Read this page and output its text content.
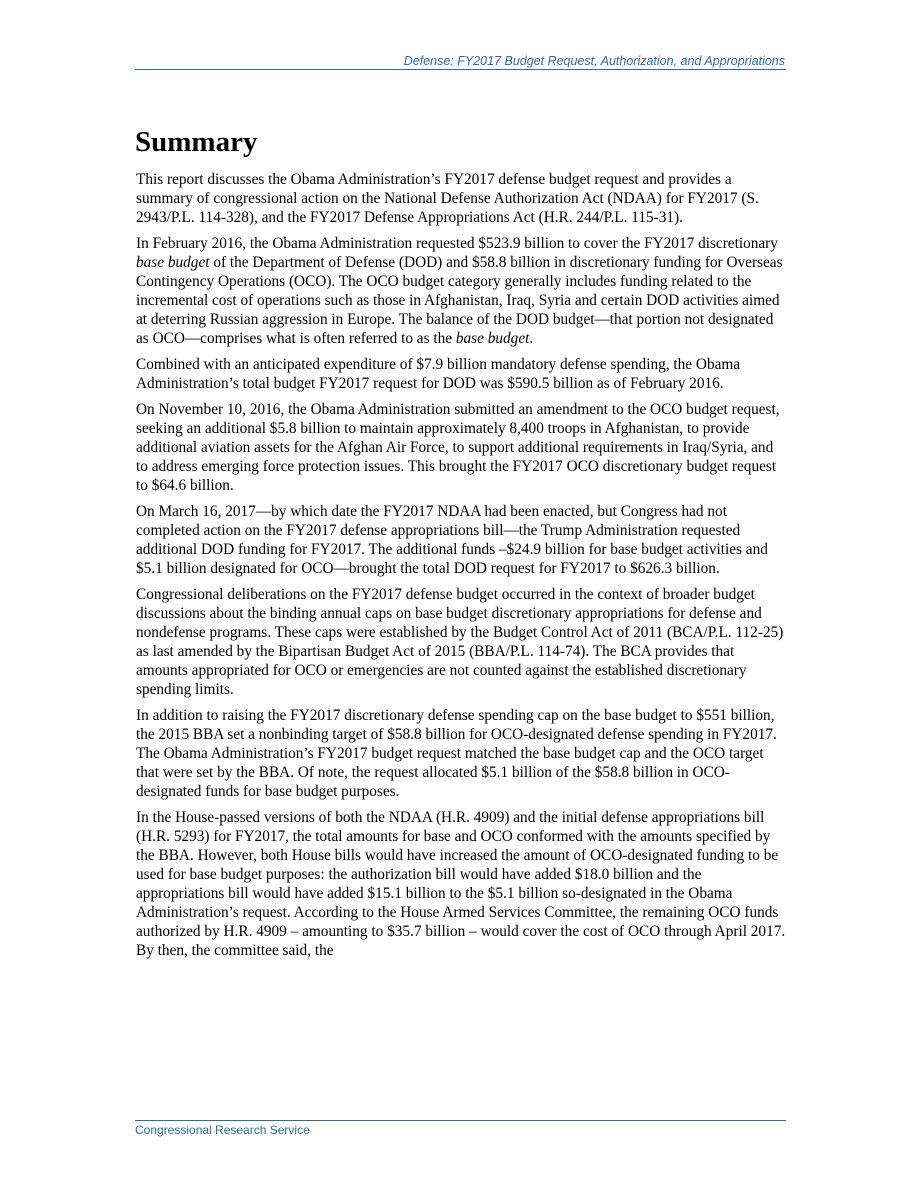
Defense: FY2017 Budget Request, Authorization, and Appropriations
Summary

This report discusses the Obama Administration’s FY2017 defense budget request and provides a summary of congressional action on the National Defense Authorization Act (NDAA) for FY2017 (S. 2943/P.L. 114-328), and the FY2017 Defense Appropriations Act (H.R. 244/P.L. 115-31).

In February 2016, the Obama Administration requested $523.9 billion to cover the FY2017 discretionary base budget of the Department of Defense (DOD) and $58.8 billion in discretionary funding for Overseas Contingency Operations (OCO). The OCO budget category generally includes funding related to the incremental cost of operations such as those in Afghanistan, Iraq, Syria and certain DOD activities aimed at deterring Russian aggression in Europe. The balance of the DOD budget—that portion not designated as OCO—comprises what is often referred to as the base budget.

Combined with an anticipated expenditure of $7.9 billion mandatory defense spending, the Obama Administration’s total budget FY2017 request for DOD was $590.5 billion as of February 2016.

On November 10, 2016, the Obama Administration submitted an amendment to the OCO budget request, seeking an additional $5.8 billion to maintain approximately 8,400 troops in Afghanistan, to provide additional aviation assets for the Afghan Air Force, to support additional requirements in Iraq/Syria, and to address emerging force protection issues. This brought the FY2017 OCO discretionary budget request to $64.6 billion.

On March 16, 2017—by which date the FY2017 NDAA had been enacted, but Congress had not completed action on the FY2017 defense appropriations bill—the Trump Administration requested additional DOD funding for FY2017. The additional funds –$24.9 billion for base budget activities and $5.1 billion designated for OCO—brought the total DOD request for FY2017 to $626.3 billion.

Congressional deliberations on the FY2017 defense budget occurred in the context of broader budget discussions about the binding annual caps on base budget discretionary appropriations for defense and nondefense programs. These caps were established by the Budget Control Act of 2011 (BCA/P.L. 112-25) as last amended by the Bipartisan Budget Act of 2015 (BBA/P.L. 114-74). The BCA provides that amounts appropriated for OCO or emergencies are not counted against the established discretionary spending limits.

In addition to raising the FY2017 discretionary defense spending cap on the base budget to $551 billion, the 2015 BBA set a nonbinding target of $58.8 billion for OCO-designated defense spending in FY2017. The Obama Administration’s FY2017 budget request matched the base budget cap and the OCO target that were set by the BBA. Of note, the request allocated $5.1 billion of the $58.8 billion in OCO-designated funds for base budget purposes.

In the House-passed versions of both the NDAA (H.R. 4909) and the initial defense appropriations bill (H.R. 5293) for FY2017, the total amounts for base and OCO conformed with the amounts specified by the BBA. However, both House bills would have increased the amount of OCO-designated funding to be used for base budget purposes: the authorization bill would have added $18.0 billion and the appropriations bill would have added $15.1 billion to the $5.1 billion so-designated in the Obama Administration’s request. According to the House Armed Services Committee, the remaining OCO funds authorized by H.R. 4909 – amounting to $35.7 billion – would cover the cost of OCO through April 2017. By then, the committee said, the

Congressional Research Service
